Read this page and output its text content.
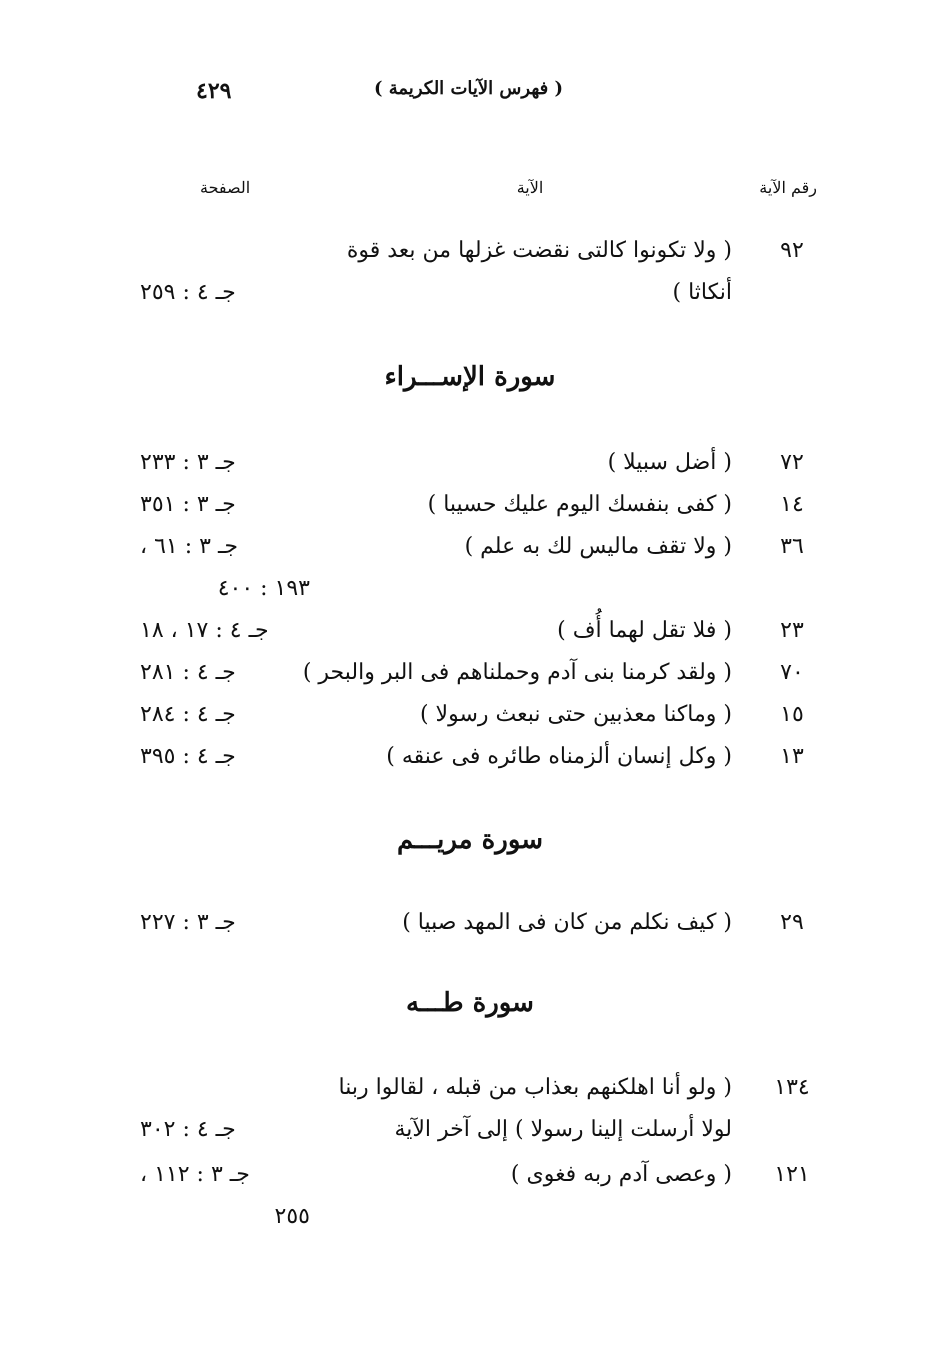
٤٢٩	( فهرس الآيات الكريمة )
رقم الآية
الآية
الصفحة
٩٢
( ولا تكونوا كالتى نقضت غزلها من بعد قوة
أنكاثا )
جـ ٤ : ٢٥٩
سورة الإســـراء
٧٢
( أضل سبيلا )
جـ ٣ : ٢٣٣
١٤
( كفى بنفسك اليوم عليك حسيبا )
جـ ٣ : ٣٥١
٣٦
( ولا تقف ماليس لك به علم )
جـ ٣ : ٦١ ،
١٩٣ : ٤٠٠
٢٣
( فلا تقل لهما أُف )
جـ ٤ : ١٧ ، ١٨
٧٠
( ولقد كرمنا بنى آدم وحملناهم فى البر والبحر )
جـ ٤ : ٢٨١
١٥
( وماكنا معذبين حتى نبعث رسولا )
جـ ٤ : ٢٨٤
١٣
( وكل إنسان ألزمناه طائره فى عنقه )
جـ ٤ : ٣٩٥
سورة مريـــم
٢٩
( كيف نكلم من كان فى المهد صبيا )
جـ ٣ : ٢٢٧
سورة طـــه
١٣٤
( ولو أنا اهلكنهم بعذاب من قبله ، لقالوا ربنا
لولا أرسلت إلينا رسولا ) إلى آخر الآية
جـ ٤ : ٣٠٢
١٢١
( وعصى آدم ربه فغوى )
جـ ٣ : ١١٢ ،
٢٥٥
